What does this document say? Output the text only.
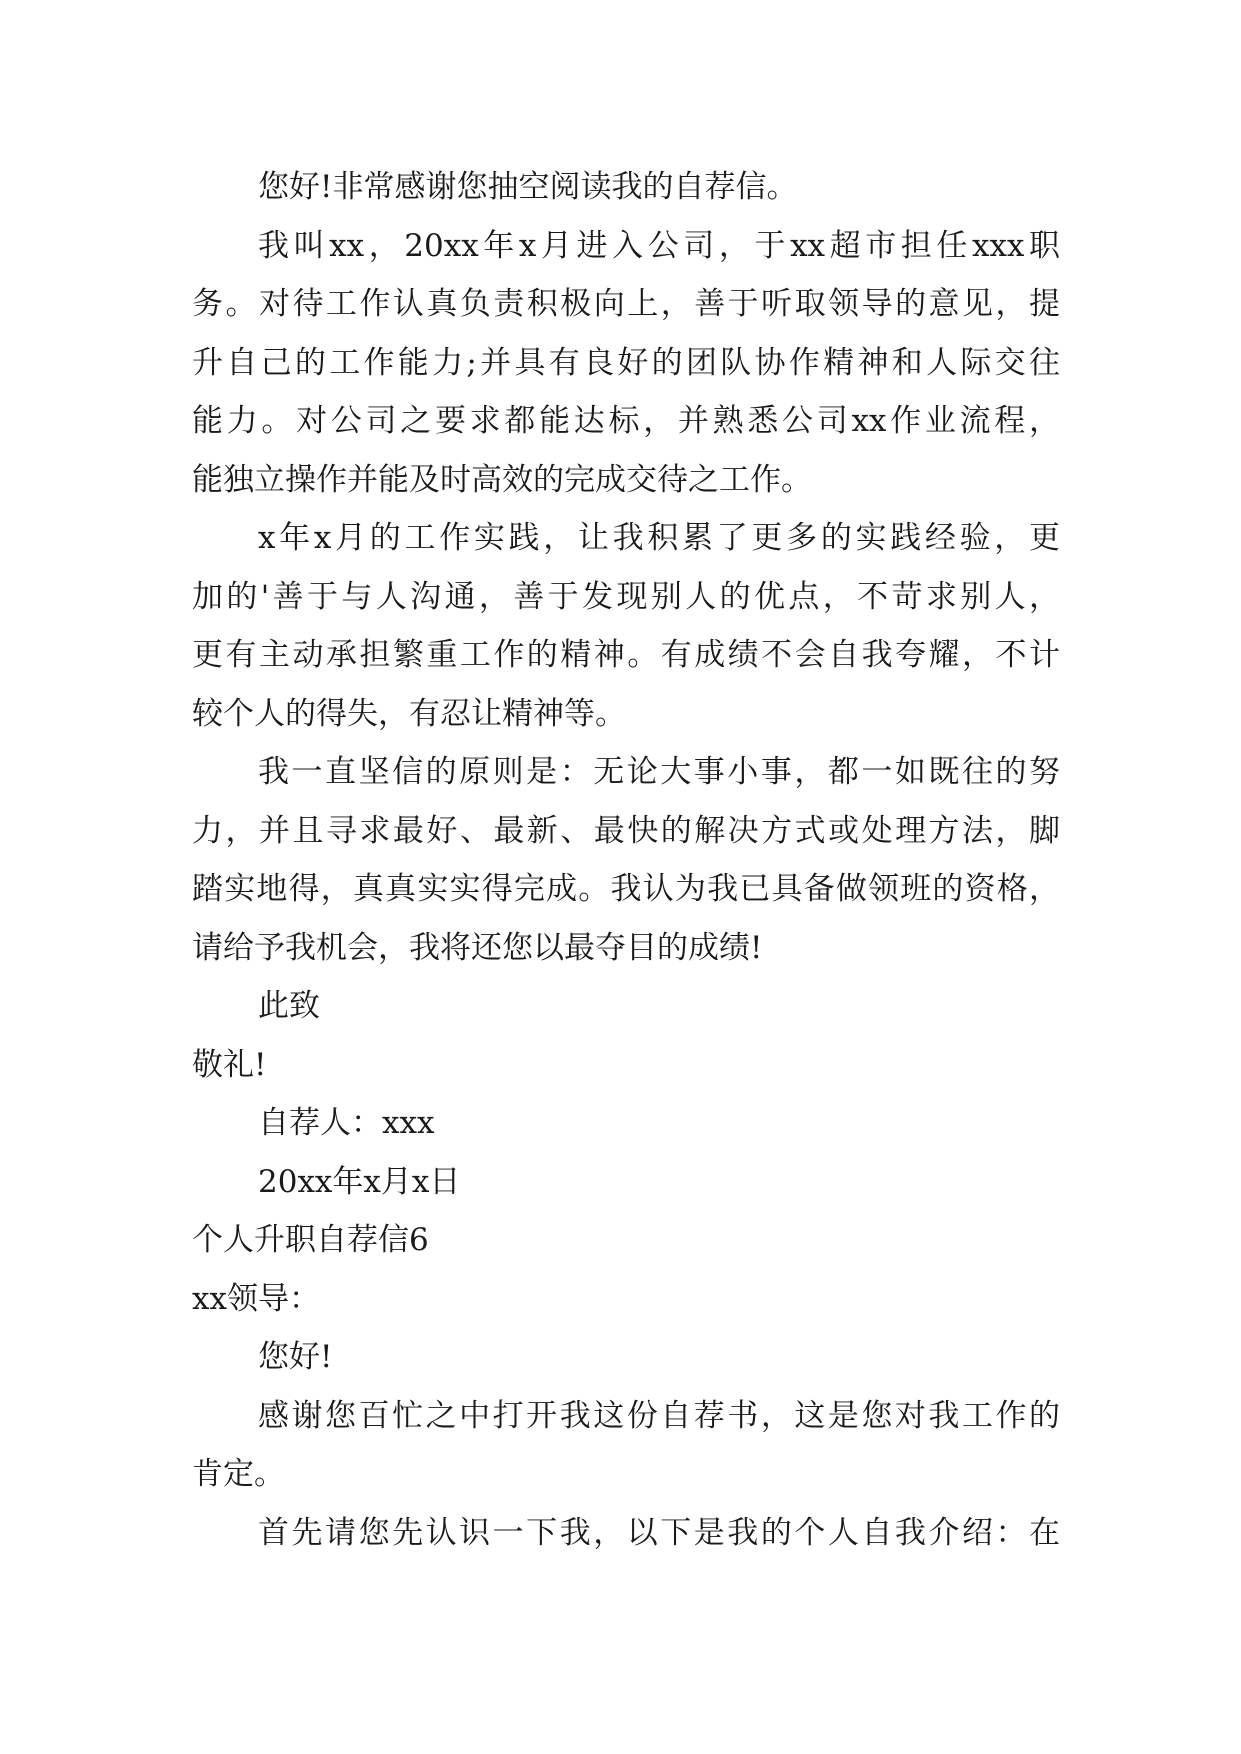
您好!非常感谢您抽空阅读我的自荐信。
我叫xx，20xx年x月进入公司，于xx超市担任xxx职
务。对待工作认真负责积极向上，善于听取领导的意见，提
升自己的工作能力;并具有良好的团队协作精神和人际交往
能力。对公司之要求都能达标，并熟悉公司xx作业流程，
能独立操作并能及时高效的完成交待之工作。
x年x月的工作实践，让我积累了更多的实践经验，更
加的'善于与人沟通，善于发现别人的优点，不苛求别人，
更有主动承担繁重工作的精神。有成绩不会自我夸耀，不计
较个人的得失，有忍让精神等。
我一直坚信的原则是：无论大事小事，都一如既往的努
力，并且寻求最好、最新、最快的解决方式或处理方法，脚
踏实地得，真真实实得完成。我认为我已具备做领班的资格，
请给予我机会，我将还您以最夺目的成绩!
此致
敬礼!
自荐人：xxx
20xx年x月x日
个人升职自荐信6
xx领导：
您好!
感谢您百忙之中打开我这份自荐书，这是您对我工作的
肯定。
首先请您先认识一下我，以下是我的个人自我介绍：在
